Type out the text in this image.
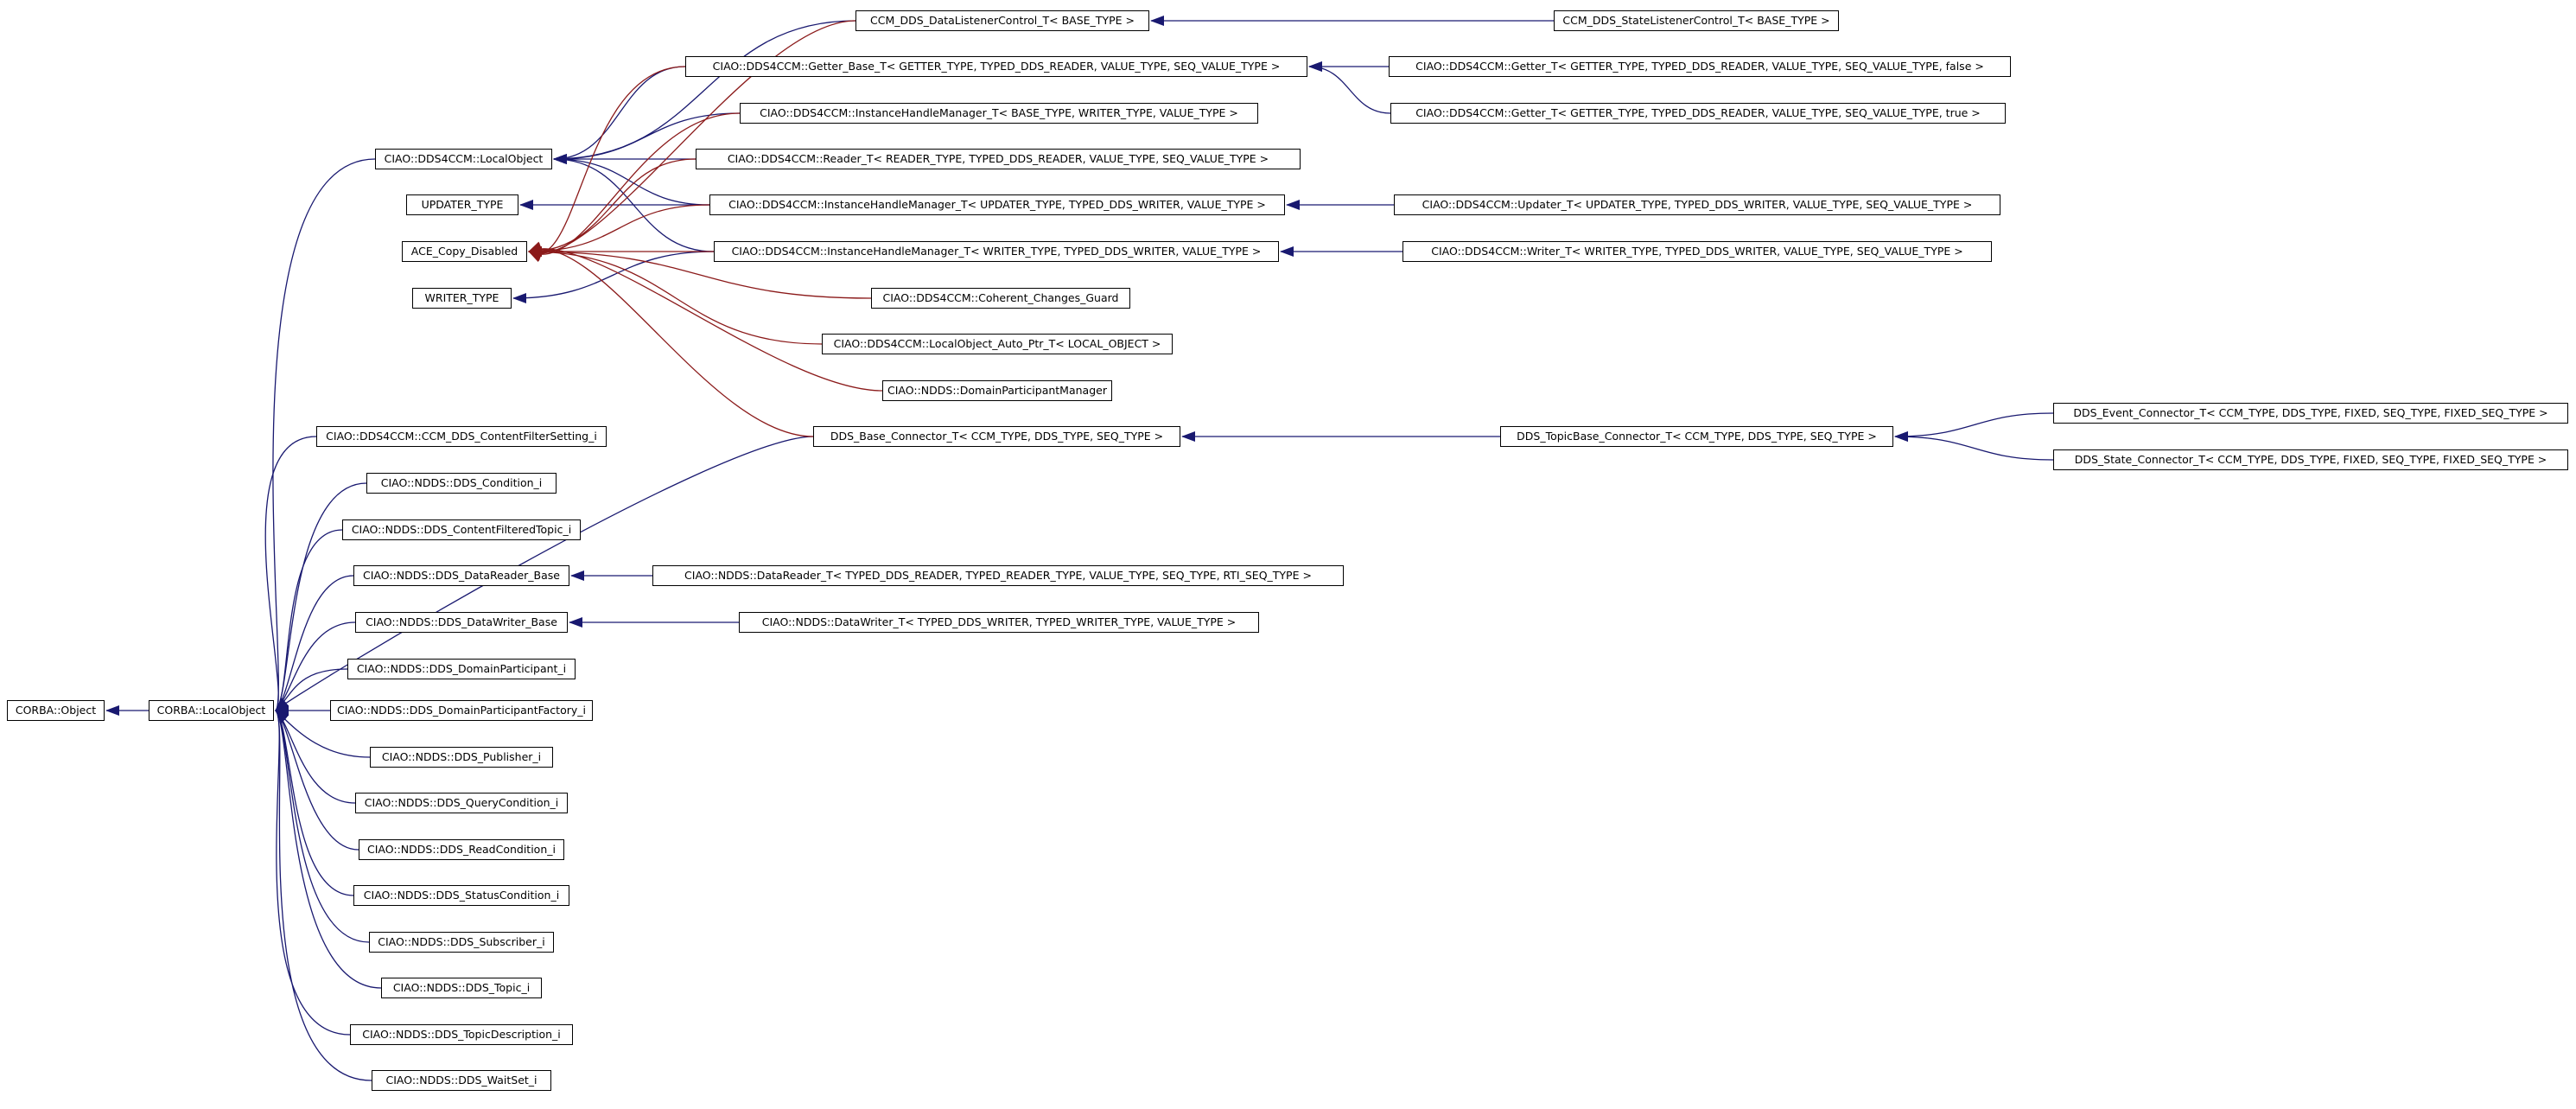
CORBA::Object	CORBA::LocalObject
CIAO::DDS4CCM::LocalObject
UPDATER_TYPE
ACE_Copy_Disabled
WRITER_TYPE
CCM_DDS_DataListenerControl_T< BASE_TYPE >	CCM_DDS_StateListenerControl_T< BASE_TYPE >
CIAO::DDS4CCM::Getter_Base_T< GETTER_TYPE, TYPED_DDS_READER, VALUE_TYPE, SEQ_VALUE_TYPE >	CIAO::DDS4CCM::Getter_T< GETTER_TYPE, TYPED_DDS_READER, VALUE_TYPE, SEQ_VALUE_TYPE, false >
CIAO::DDS4CCM::Getter_T< GETTER_TYPE, TYPED_DDS_READER, VALUE_TYPE, SEQ_VALUE_TYPE, true >
CIAO::DDS4CCM::InstanceHandleManager_T< BASE_TYPE, WRITER_TYPE, VALUE_TYPE >
CIAO::DDS4CCM::Reader_T< READER_TYPE, TYPED_DDS_READER, VALUE_TYPE, SEQ_VALUE_TYPE >
CIAO::DDS4CCM::InstanceHandleManager_T< UPDATER_TYPE, TYPED_DDS_WRITER, VALUE_TYPE >	CIAO::DDS4CCM::Updater_T< UPDATER_TYPE, TYPED_DDS_WRITER, VALUE_TYPE, SEQ_VALUE_TYPE >
CIAO::DDS4CCM::InstanceHandleManager_T< WRITER_TYPE, TYPED_DDS_WRITER, VALUE_TYPE >	CIAO::DDS4CCM::Writer_T< WRITER_TYPE, TYPED_DDS_WRITER, VALUE_TYPE, SEQ_VALUE_TYPE >
CIAO::DDS4CCM::Coherent_Changes_Guard
CIAO::DDS4CCM::LocalObject_Auto_Ptr_T< LOCAL_OBJECT >
CIAO::NDDS::DomainParticipantManager
DDS_Base_Connector_T< CCM_TYPE, DDS_TYPE, SEQ_TYPE >	DDS_TopicBase_Connector_T< CCM_TYPE, DDS_TYPE, SEQ_TYPE >
DDS_Event_Connector_T< CCM_TYPE, DDS_TYPE, FIXED, SEQ_TYPE, FIXED_SEQ_TYPE >
DDS_State_Connector_T< CCM_TYPE, DDS_TYPE, FIXED, SEQ_TYPE, FIXED_SEQ_TYPE >
CIAO::DDS4CCM::CCM_DDS_ContentFilterSetting_i
CIAO::NDDS::DDS_Condition_i
CIAO::NDDS::DDS_ContentFilteredTopic_i
CIAO::NDDS::DDS_DataReader_Base	CIAO::NDDS::DataReader_T< TYPED_DDS_READER, TYPED_READER_TYPE, VALUE_TYPE, SEQ_TYPE, RTI_SEQ_TYPE >
CIAO::NDDS::DDS_DataWriter_Base	CIAO::NDDS::DataWriter_T< TYPED_DDS_WRITER, TYPED_WRITER_TYPE, VALUE_TYPE >
CIAO::NDDS::DDS_DomainParticipant_i
CIAO::NDDS::DDS_DomainParticipantFactory_i
CIAO::NDDS::DDS_Publisher_i
CIAO::NDDS::DDS_QueryCondition_i
CIAO::NDDS::DDS_ReadCondition_i
CIAO::NDDS::DDS_StatusCondition_i
CIAO::NDDS::DDS_Subscriber_i
CIAO::NDDS::DDS_Topic_i
CIAO::NDDS::DDS_TopicDescription_i
CIAO::NDDS::DDS_WaitSet_i
